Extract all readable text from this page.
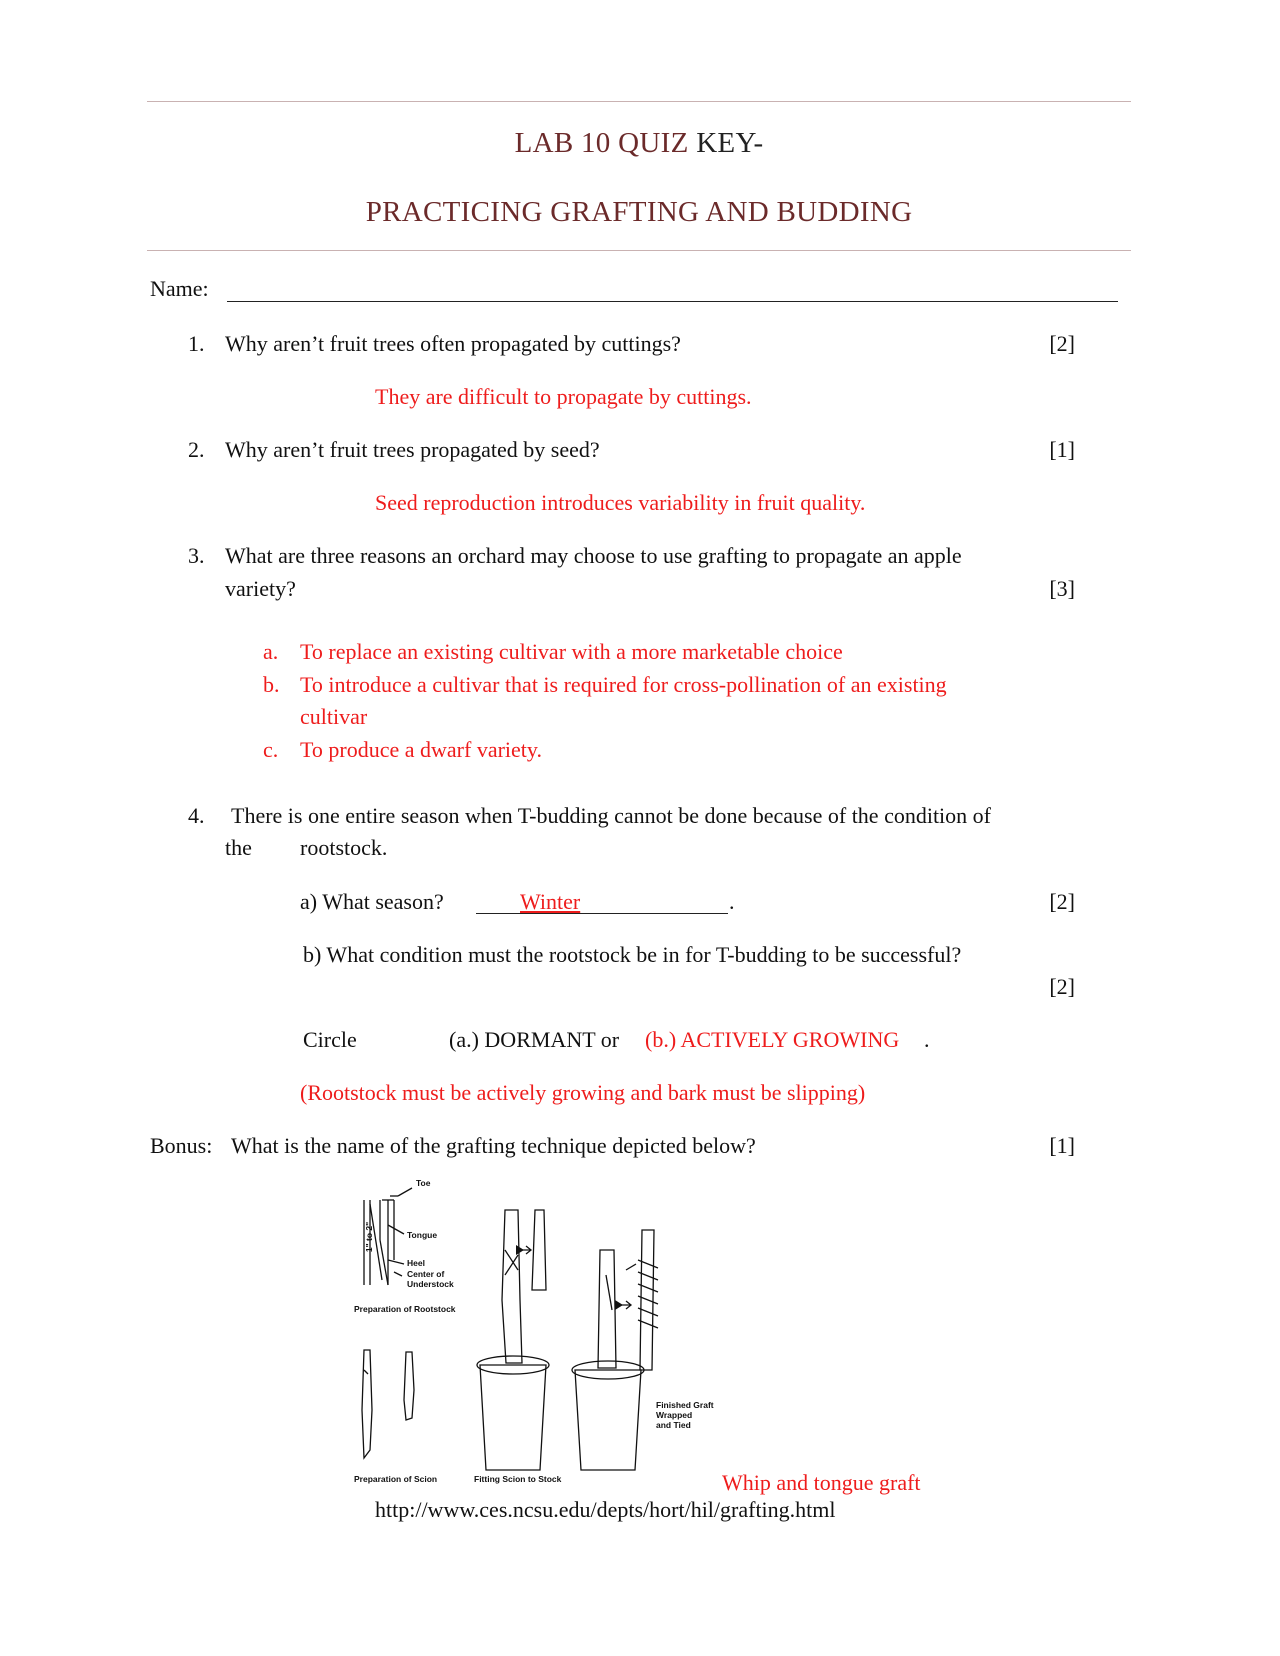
LAB 10 QUIZ KEY-
PRACTICING GRAFTING AND BUDDING
Name:
1. Why aren’t fruit trees often propagated by cuttings?	[2]
They are difficult to propagate by cuttings.
2. Why aren’t fruit trees propagated by seed?	[1]
Seed reproduction introduces variability in fruit quality.
3. What are three reasons an orchard may choose to use grafting to propagate an apple
variety?	[3]
a. To replace an existing cultivar with a more marketable choice
b. To introduce a cultivar that is required for cross-pollination of an existing
cultivar
c. To produce a dwarf variety.
4. There is one entire season when T-budding cannot be done because of the condition of
the rootstock.
a) What season?	Winter	.	[2]
b) What condition must the rootstock be in for T-budding to be successful?
[2]
Circle	(a.) DORMANT or (b.) ACTIVELY GROWING .
(Rootstock must be actively growing and bark must be slipping)
Bonus: What is the name of the grafting technique depicted below?	[1]
Toe
Tongue
Heel
Center of
Understock
1" to 2"
Preparation of Rootstock
Preparation of Scion	Fitting Scion to Stock
Finished Graft
Wrapped
and Tied
Whip and tongue graft
http://www.ces.ncsu.edu/depts/hort/hil/grafting.html
